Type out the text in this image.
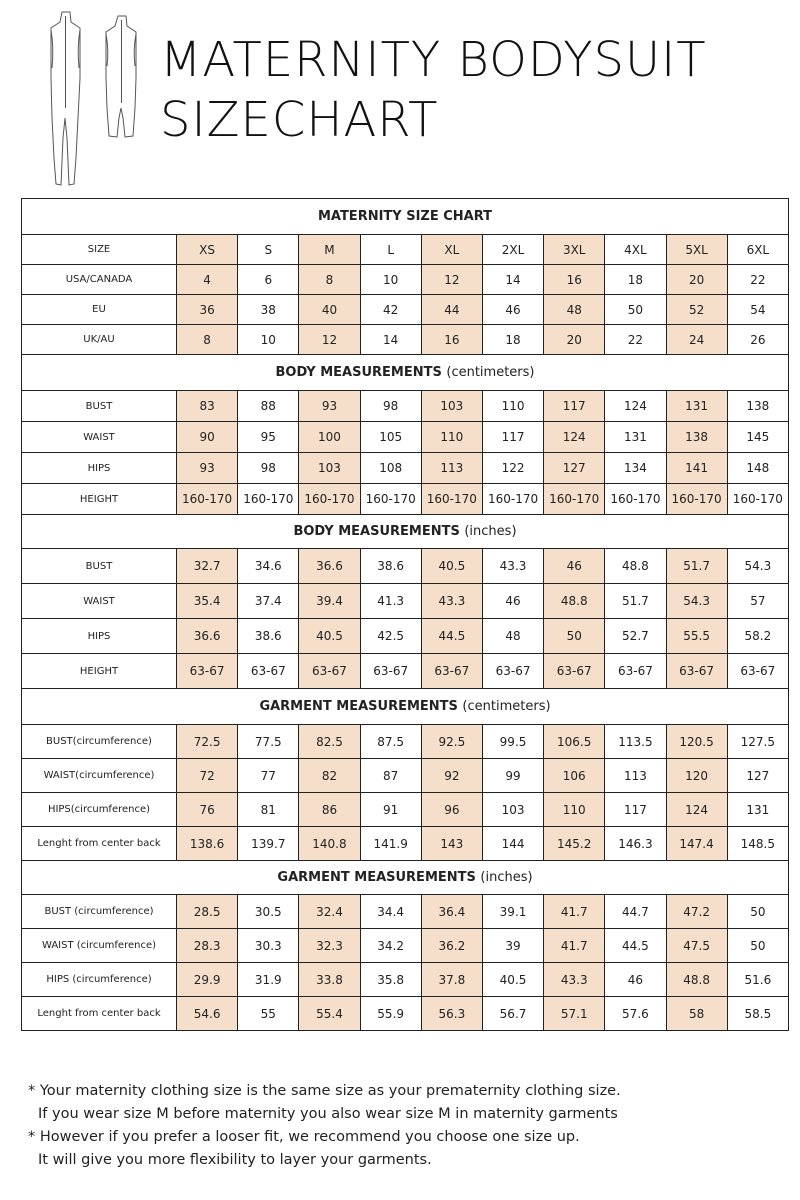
MATERNITY BODYSUIT
SIZECHART
MATERNITY SIZE CHART										
SIZE	XS	S	M	L	XL	2XL	3XL	4XL	5XL	6XL
USA/CANADA	4	6	8	10	12	14	16	18	20	22
EU	36	38	40	42	44	46	48	50	52	54
UK/AU	8	10	12	14	16	18	20	22	24	26
BODY MEASUREMENTS (centimeters)										
BUST	83	88	93	98	103	110	117	124	131	138
WAIST	90	95	100	105	110	117	124	131	138	145
HIPS	93	98	103	108	113	122	127	134	141	148
HEIGHT	160-170	160-170	160-170	160-170	160-170	160-170	160-170	160-170	160-170	160-170
BODY MEASUREMENTS (inches)										
BUST	32.7	34.6	36.6	38.6	40.5	43.3	46	48.8	51.7	54.3
WAIST	35.4	37.4	39.4	41.3	43.3	46	48.8	51.7	54.3	57
HIPS	36.6	38.6	40.5	42.5	44.5	48	50	52.7	55.5	58.2
HEIGHT	63-67	63-67	63-67	63-67	63-67	63-67	63-67	63-67	63-67	63-67
GARMENT MEASUREMENTS (centimeters)										
BUST(circumference)	72.5	77.5	82.5	87.5	92.5	99.5	106.5	113.5	120.5	127.5
WAIST(circumference)	72	77	82	87	92	99	106	113	120	127
HIPS(circumference)	76	81	86	91	96	103	110	117	124	131
Lenght from center back	138.6	139.7	140.8	141.9	143	144	145.2	146.3	147.4	148.5
GARMENT MEASUREMENTS (inches)										
BUST (circumference)	28.5	30.5	32.4	34.4	36.4	39.1	41.7	44.7	47.2	50
WAIST (circumference)	28.3	30.3	32.3	34.2	36.2	39	41.7	44.5	47.5	50
HIPS (circumference)	29.9	31.9	33.8	35.8	37.8	40.5	43.3	46	48.8	51.6
Lenght from center back	54.6	55	55.4	55.9	56.3	56.7	57.1	57.6	58	58.5
* Your maternity clothing size is the same size as your prematernity clothing size.
If you wear size M before maternity you also wear size M in maternity garments
* However if you prefer a looser fit, we recommend you choose one size up.
It will give you more flexibility to layer your garments.
